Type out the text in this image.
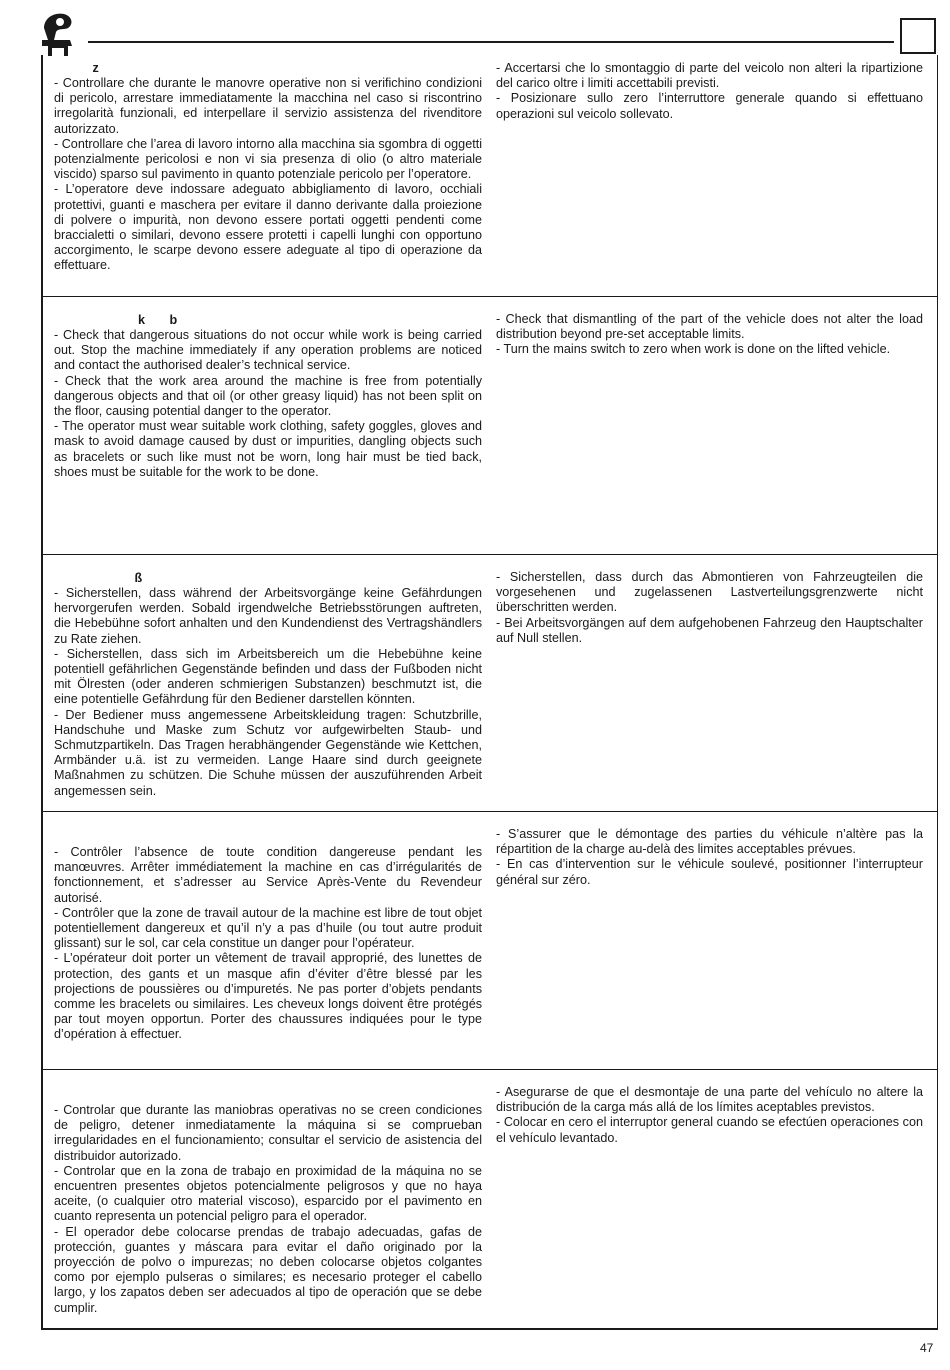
z
- Controllare che durante le manovre operative non si verifichino condizioni di pericolo, arrestare immediatamente la macchina nel caso si riscontrino irregolarità funzionali, ed interpellare il servizio assistenza del rivenditore autorizzato.
- Controllare che l’area di lavoro intorno alla macchina sia sgombra di oggetti potenzialmente pericolosi e non vi sia presenza di olio (o altro materiale viscido) sparso sul pavimento in quanto potenziale pericolo per l’operatore.
- L’operatore deve indossare adeguato abbigliamento di lavoro, occhiali protettivi, guanti e maschera per evitare il danno derivante dalla proiezione di polvere o impurità, non devono essere portati oggetti pendenti come braccialetti o similari, devono essere protetti i capelli lunghi con opportuno accorgimento, le scarpe devono essere adeguate al tipo di operazione da effettuare.
- Accertarsi che lo smontaggio di parte del veicolo non alteri la ripartizione del carico oltre i limiti accettabili previsti.
- Posizionare sullo zero l’interruttore generale quando si effettuano operazioni sul veicolo sollevato.
k       b
- Check that dangerous situations do not occur while work is being carried out. Stop the machine immediately if any operation problems are noticed and contact the authorised dealer’s technical service.
- Check that the work area around the machine is free from potentially dangerous objects and that oil (or other greasy liquid) has not been split on the floor, causing potential danger to the operator.
- The operator must wear suitable work clothing, safety goggles, gloves and mask to avoid damage caused by dust or impurities, dangling objects such as bracelets or such like must not be worn, long hair must be tied back, shoes must be suitable for the work to be done.
- Check that dismantling of the part of the vehicle does not alter the load distribution beyond pre-set acceptable limits.
- Turn the mains switch to zero when work is done on the lifted vehicle.
ß
- Sicherstellen, dass während der Arbeitsvorgänge keine Gefährdungen hervorgerufen werden. Sobald irgendwelche Betriebsstörungen auftreten, die Hebebühne sofort anhalten und den Kundendienst des Vertragshändlers zu Rate ziehen.
- Sicherstellen, dass sich im Arbeitsbereich um die Hebebühne keine potentiell gefährlichen Gegenstände befinden und dass der Fußboden nicht mit Ölresten (oder anderen schmierigen Substanzen) beschmutzt ist, die eine potentielle Gefährdung für den Bediener darstellen könnten.
- Der Bediener muss angemessene Arbeitskleidung tragen: Schutzbrille, Handschuhe und Maske zum Schutz vor aufgewirbelten Staub- und Schmutzpartikeln. Das Tragen herabhängender Gegenstände wie Kettchen, Armbänder u.ä. ist zu vermeiden. Lange Haare sind durch geeignete Maßnahmen zu schützen. Die Schuhe müssen der auszuführenden Arbeit angemessen sein.
- Sicherstellen, dass durch das Abmontieren von Fahrzeugteilen die vorgesehenen und zugelassenen Lastverteilungsgrenzwerte nicht überschritten werden.
- Bei Arbeitsvorgängen auf dem aufgehobenen Fahrzeug den Hauptschalter auf Null stellen.
- Contrôler l’absence de toute condition dangereuse pendant les manœuvres. Arrêter immédiatement la machine en cas d’irrégularités de fonctionnement, et s’adresser au Service Après-Vente du Revendeur autorisé.
- Contrôler que la zone de travail autour de la machine est libre de tout objet potentiellement dangereux et qu’il n’y a pas d’huile (ou tout autre produit glissant) sur le sol, car cela constitue un danger pour l’opérateur.
- L’opérateur doit porter un vêtement de travail approprié, des lunettes de protection, des gants et un masque afin d’éviter d’être blessé par les projections de poussières ou d’impuretés. Ne pas porter d’objets pendants comme les bracelets ou similaires. Les cheveux longs doivent être protégés par tout moyen opportun. Porter des chaussures indiquées pour le type d’opération à effectuer.
- S’assurer que le démontage des parties du véhicule n’altère pas la répartition de la charge au-delà des limites acceptables prévues.
- En cas d’intervention sur le véhicule soulevé, positionner l’interrupteur général sur zéro.
- Controlar que durante las maniobras operativas no se creen condiciones de peligro, detener inmediatamente la máquina si se comprueban irregularidades en el funcionamiento; consultar el servicio de asistencia del distribuidor autorizado.
- Controlar que en la zona de trabajo en proximidad de la máquina no se encuentren presentes objetos potencialmente peligrosos y que no haya aceite, (o cualquier otro material viscoso), esparcido por el pavimento en cuanto representa un potencial peligro para el operador.
- El operador debe colocarse prendas de trabajo adecuadas, gafas de protección, guantes y máscara para evitar el daño originado por la proyección de polvo o impurezas; no deben colocarse objetos colgantes como por ejemplo pulseras o similares; es necesario proteger el cabello largo, y los zapatos deben ser adecuados al tipo de operación que se debe cumplir.
- Asegurarse de que el desmontaje de una parte del vehículo no altere la distribución de la carga más allá de los límites aceptables previstos.
- Colocar en cero el interruptor general cuando se efectúen operaciones con el vehículo levantado.
47
